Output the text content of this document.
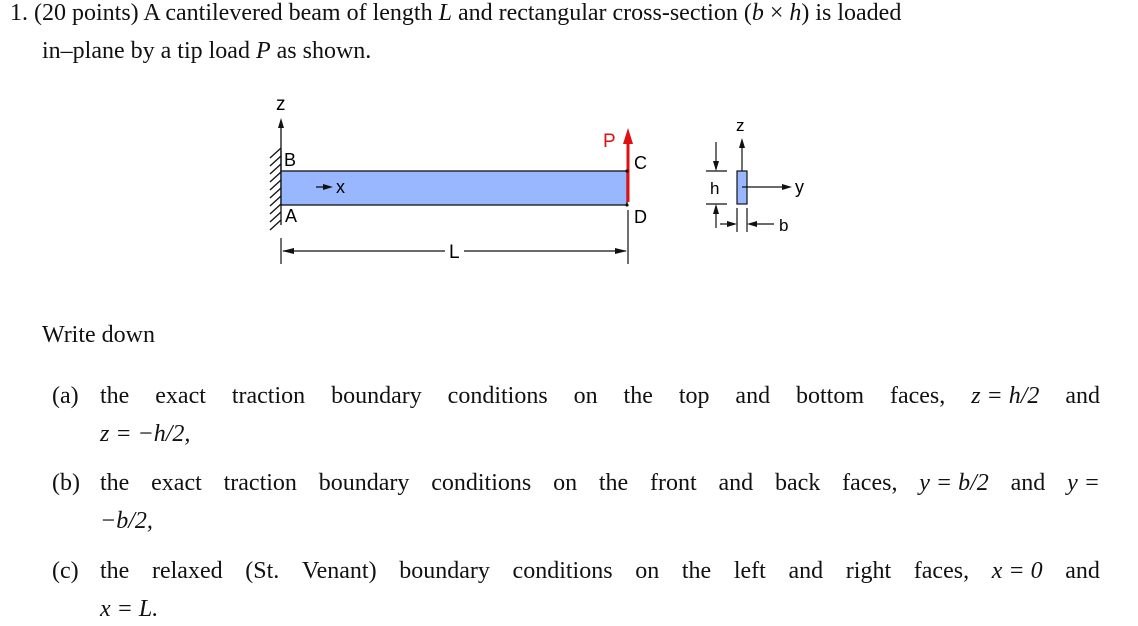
1. (20 points) A cantilevered beam of length L and rectangular cross-section (b × h) is loaded
in–plane by a tip load P as shown.
z
x
B
A
P
C
D
L
z
y
h
b
Write down
(a) the exact traction boundary conditions on the top and bottom faces, z = h/2 and
z = −h/2,
(b) the exact traction boundary conditions on the front and back faces, y = b/2 and y =
−b/2,
(c) the relaxed (St. Venant) boundary conditions on the left and right faces, x = 0 and
x = L.
